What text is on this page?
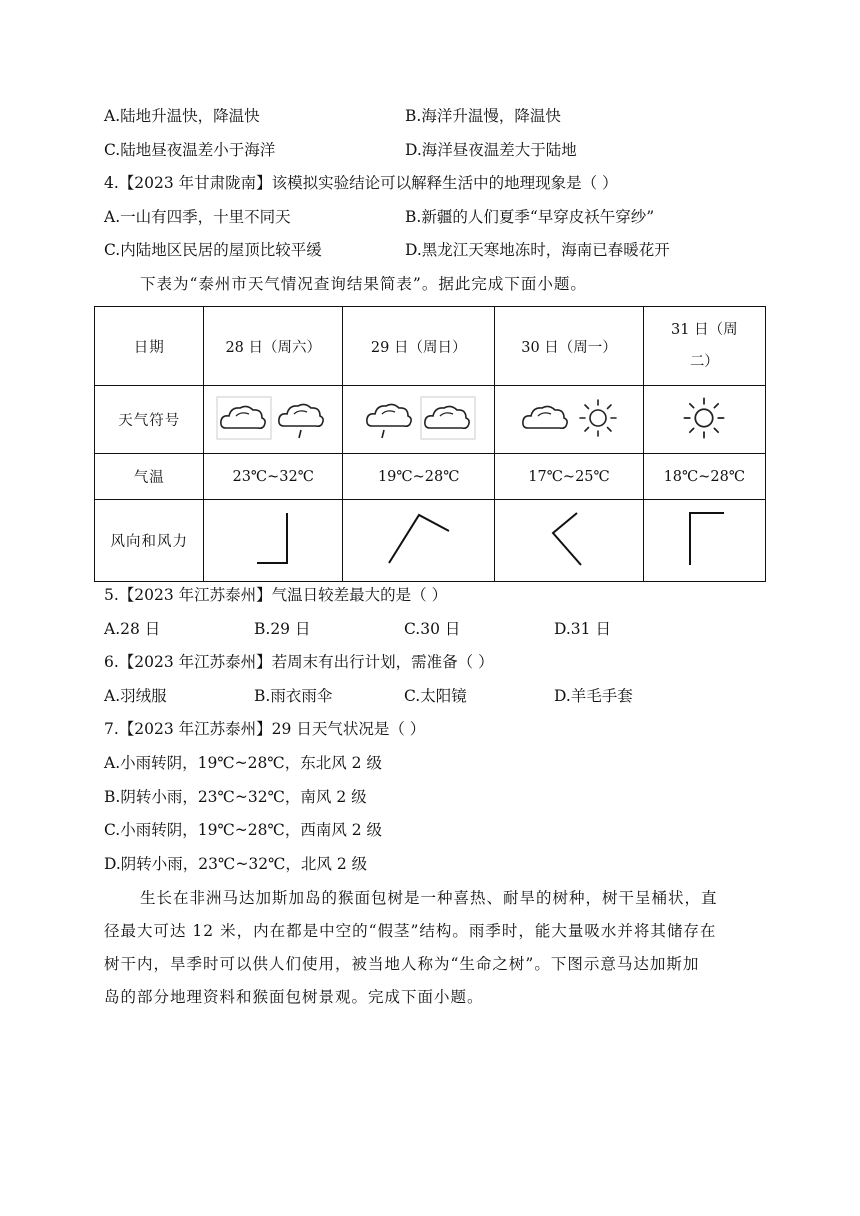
A.陆地升温快，降温快	B.海洋升温慢，降温快
C.陆地昼夜温差小于海洋	D.海洋昼夜温差大于陆地
4.【2023 年甘肃陇南】该模拟实验结论可以解释生活中的地理现象是（ ）
A.一山有四季，十里不同天	B.新疆的人们夏季“早穿皮袄午穿纱”
C.内陆地区民居的屋顶比较平缓	D.黑龙江天寒地冻时，海南已春暖花开
下表为“泰州市天气情况查询结果简表”。据此完成下面小题。
日期	28 日（周六）	29 日（周日）	30 日（周一）	31 日（周
二）

天气符号	

气温	23℃~32℃	19℃~28℃	17℃~25℃	18℃~28℃
风向和风力				
5.【2023 年江苏泰州】气温日较差最大的是（ ）
A.28 日	B.29 日	C.30 日	D.31 日
6.【2023 年江苏泰州】若周末有出行计划，需准备（ ）
A.羽绒服	B.雨衣雨伞	C.太阳镜	D.羊毛手套
7.【2023 年江苏泰州】29 日天气状况是（ ）
A.小雨转阴，19℃~28℃，东北风 2 级
B.阴转小雨，23℃~32℃，南风 2 级
C.小雨转阴，19℃~28℃，西南风 2 级
D.阴转小雨，23℃~32℃，北风 2 级
生长在非洲马达加斯加岛的猴面包树是一种喜热、耐旱的树种，树干呈桶状，直
径最大可达 12 米，内在都是中空的“假茎”结构。雨季时，能大量吸水并将其储存在
树干内，旱季时可以供人们使用，被当地人称为“生命之树”。下图示意马达加斯加
岛的部分地理资料和猴面包树景观。完成下面小题。
